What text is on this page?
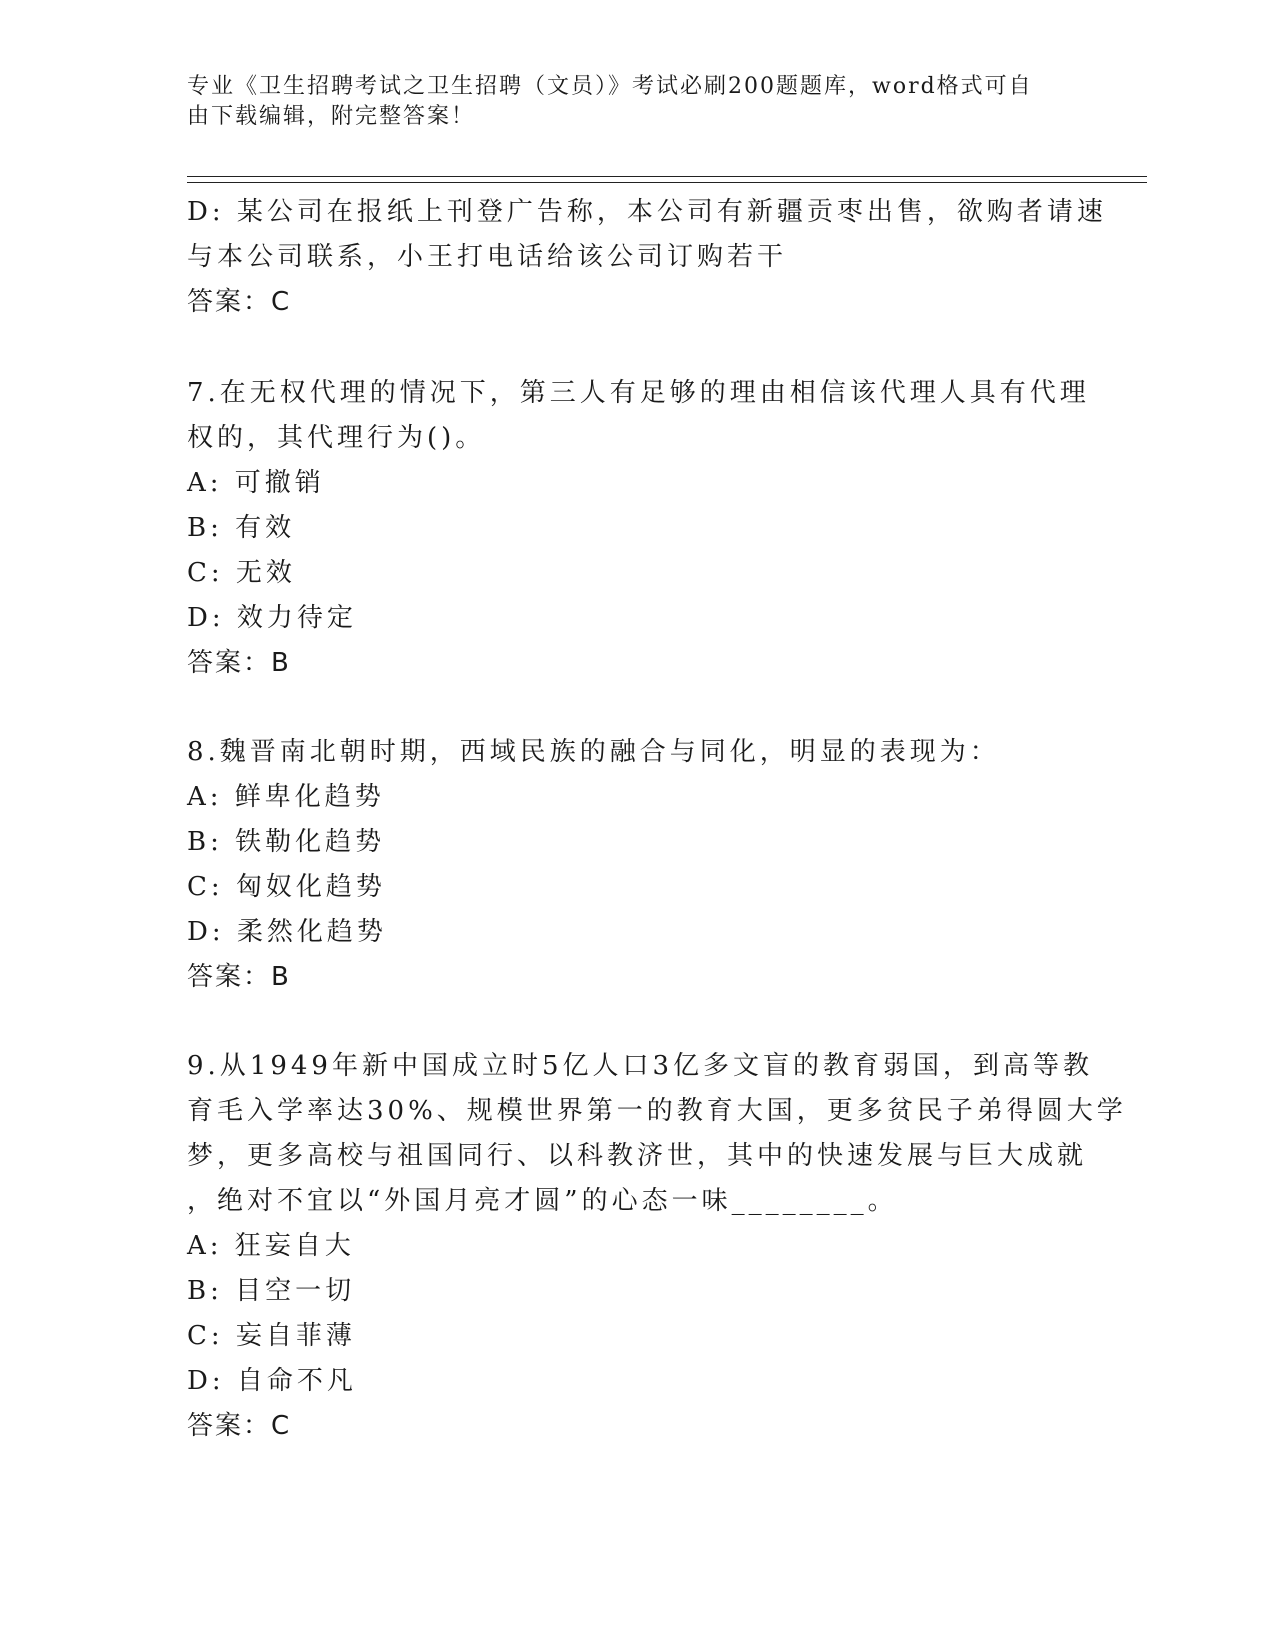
专业《卫生招聘考试之卫生招聘（文员）》考试必刷200题题库，word格式可自
由下载编辑，附完整答案！
D: 某公司在报纸上刊登广告称，本公司有新疆贡枣出售，欲购者请速
与本公司联系，小王打电话给该公司订购若干
答案：C
7.在无权代理的情况下，第三人有足够的理由相信该代理人具有代理
权的，其代理行为()。
A: 可撤销
B: 有效
C: 无效
D: 效力待定
答案：B
8.魏晋南北朝时期，西域民族的融合与同化，明显的表现为：
A: 鲜卑化趋势
B: 铁勒化趋势
C: 匈奴化趋势
D: 柔然化趋势
答案：B
9.从1949年新中国成立时5亿人口3亿多文盲的教育弱国，到高等教
育毛入学率达30%、规模世界第一的教育大国，更多贫民子弟得圆大学
梦，更多高校与祖国同行、以科教济世，其中的快速发展与巨大成就
，绝对不宜以“外国月亮才圆”的心态一味________。
A: 狂妄自大
B: 目空一切
C: 妄自菲薄
D: 自命不凡
答案：C
